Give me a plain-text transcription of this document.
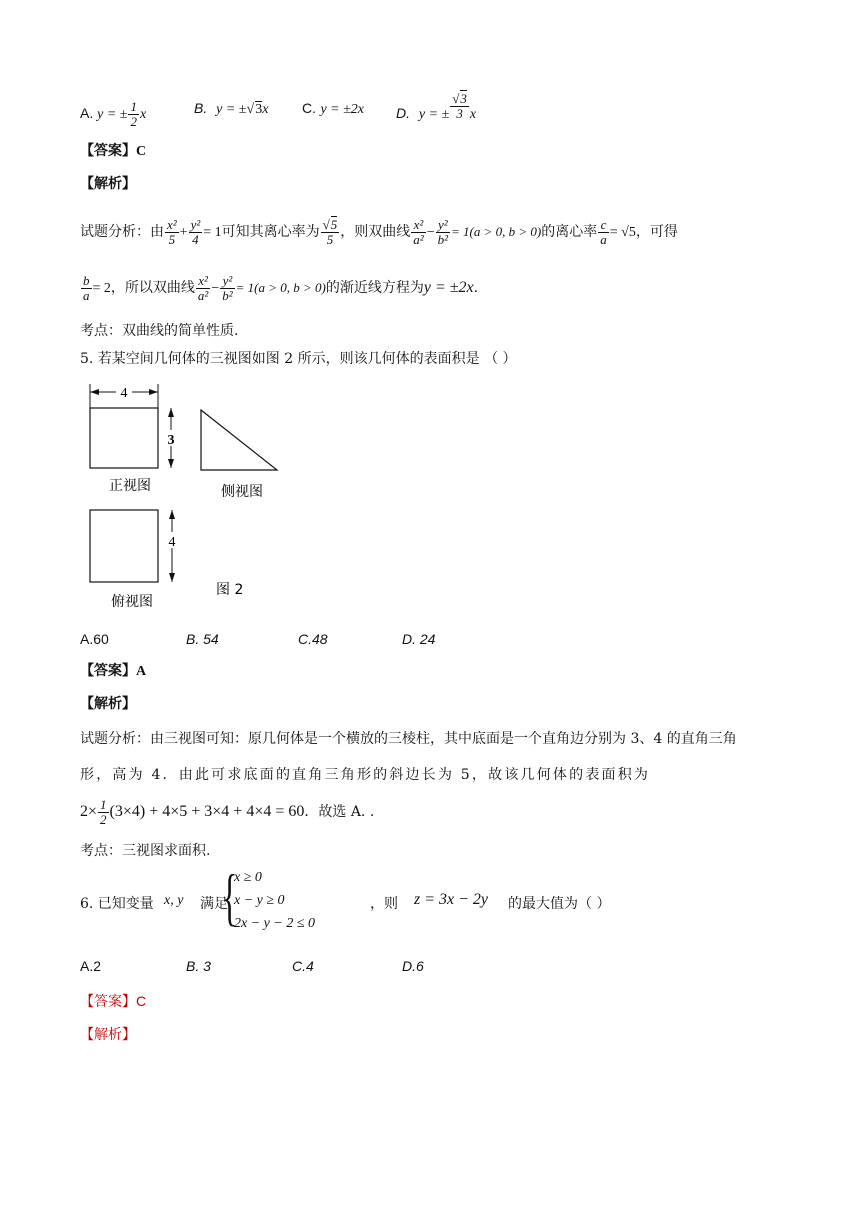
A. y = ± $\frac{1}{2}$ x	B. y = ±√3x C. y = ±2x D. y = ± $\frac{√3}{3}$ x
【答案】C
【解析】
试题分析：由 $\frac{\text{x²}}{5} + \frac{\text{y²}}{4} = 1$可知其离心率为 $\frac{√5}{5}$ ，则双曲线 $\frac{\text{x²}}{\text{a²}} - \frac{\text{y²}}{\text{b²}} = 1(a > 0$, b > 0)的离心率 $\frac{c}{a} = √5$，可得
$\frac{b}{a} = 2$，所以双曲线 $\frac{\text{x²}}{\text{a²}} - \frac{\text{y²}}{\text{b²}} = 1(a > 0$, b > 0)的渐近线方程为y = ±2x.
考点：双曲线的简单性质.
5. 若某空间几何体的三视图如图 2 所示，则该几何体的表面积是 （ ）
4
3
正视图	侧视图
4
俯视图
图 2
A.60	B. 54	C.48	D. 24
【答案】A
【解析】
试题分析：由三视图可知：原几何体是一个横放的三棱柱，其中底面是一个直角边分别为 3、4 的直角三角
形，高为 4．由此可求底面的直角三角形的斜边长为 5，故该几何体的表面积为
$2\times \frac{1}{2} (3\times 4) + 4\times 5 + 3\times 4 + 4\times 4 = 60$．故选 A. .
考点：三视图求面积.
6. 已知变量 x, y 满足
{
x ≥ 0
x − y ≥ 0
2x − y − 2 ≤ 0
，则 z = 3x − 2y 的最大值为（ ）
A.2	B. 3	C.4	D.6
【答案】C
【解析】
